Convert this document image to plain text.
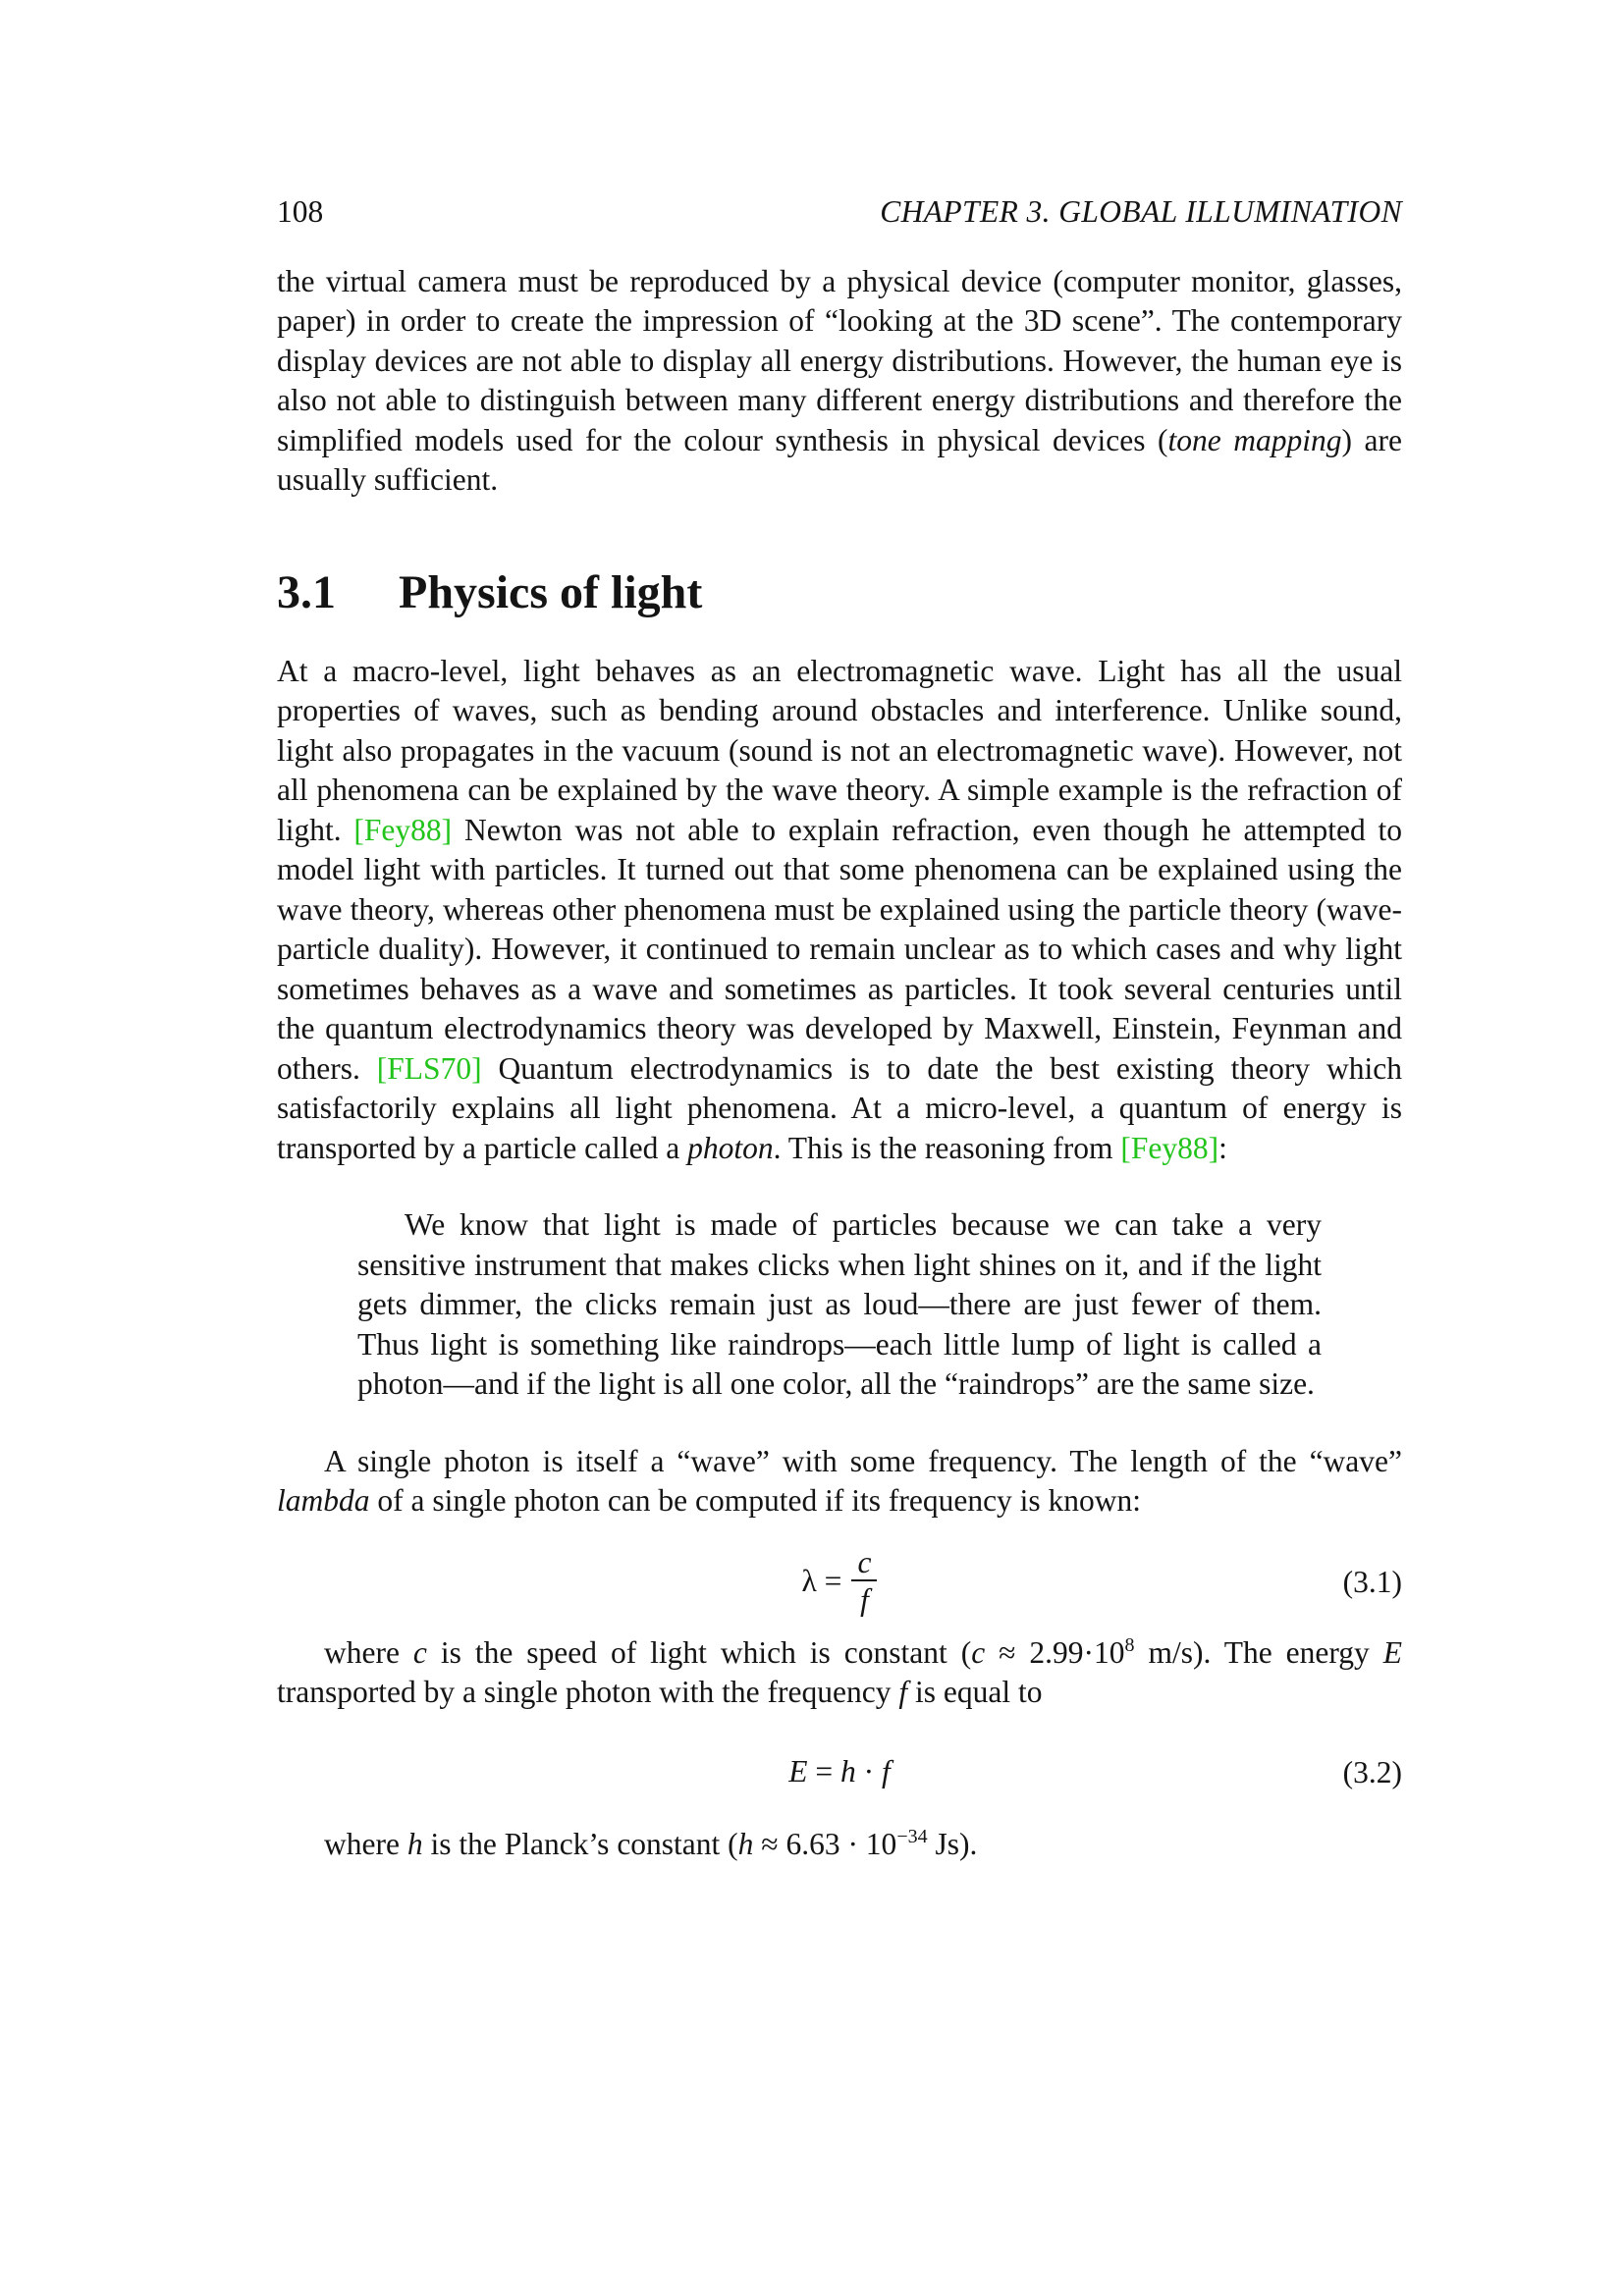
108	CHAPTER 3. GLOBAL ILLUMINATION

the virtual camera must be reproduced by a physical device (computer monitor, glasses, paper) in order to create the impression of “looking at the 3D scene”. The contemporary display devices are not able to display all energy distributions. However, the human eye is also not able to distinguish between many different energy distributions and therefore the simplified models used for the colour synthesis in physical devices (tone mapping) are usually sufficient.

3.1 Physics of light

At a macro-level, light behaves as an electromagnetic wave. Light has all the usual properties of waves, such as bending around obstacles and interference. Unlike sound, light also propagates in the vacuum (sound is not an electromagnetic wave). However, not all phenomena can be explained by the wave theory. A simple example is the refraction of light. [Fey88] Newton was not able to explain refraction, even though he attempted to model light with particles. It turned out that some phenomena can be explained using the wave theory, whereas other phenomena must be explained using the particle theory (wave-particle duality). However, it continued to remain unclear as to which cases and why light sometimes behaves as a wave and sometimes as particles. It took several centuries until the quantum electrodynamics theory was developed by Maxwell, Einstein, Feynman and others. [FLS70] Quantum electrodynamics is to date the best existing theory which satisfactorily explains all light phenomena. At a micro-level, a quantum of energy is transported by a particle called a photon. This is the reasoning from [Fey88]:

We know that light is made of particles because we can take a very sensitive instrument that makes clicks when light shines on it, and if the light gets dimmer, the clicks remain just as loud—there are just fewer of them. Thus light is something like raindrops—each little lump of light is called a photon—and if the light is all one color, all the “raindrops” are the same size.

A single photon is itself a “wave” with some frequency. The length of the “wave” lambda of a single photon can be computed if its frequency is known:

$\lambda = \frac{c}{f}$	(3.1)

where c is the speed of light which is constant ($c \approx 2.99\cdot 10^8$ m/s). The energy E transported by a single photon with the frequency f is equal to

E = h · f	(3.2)

where h is the Planck’s constant ($h \approx 6.63 \cdot 10^{-34}$ Js).
